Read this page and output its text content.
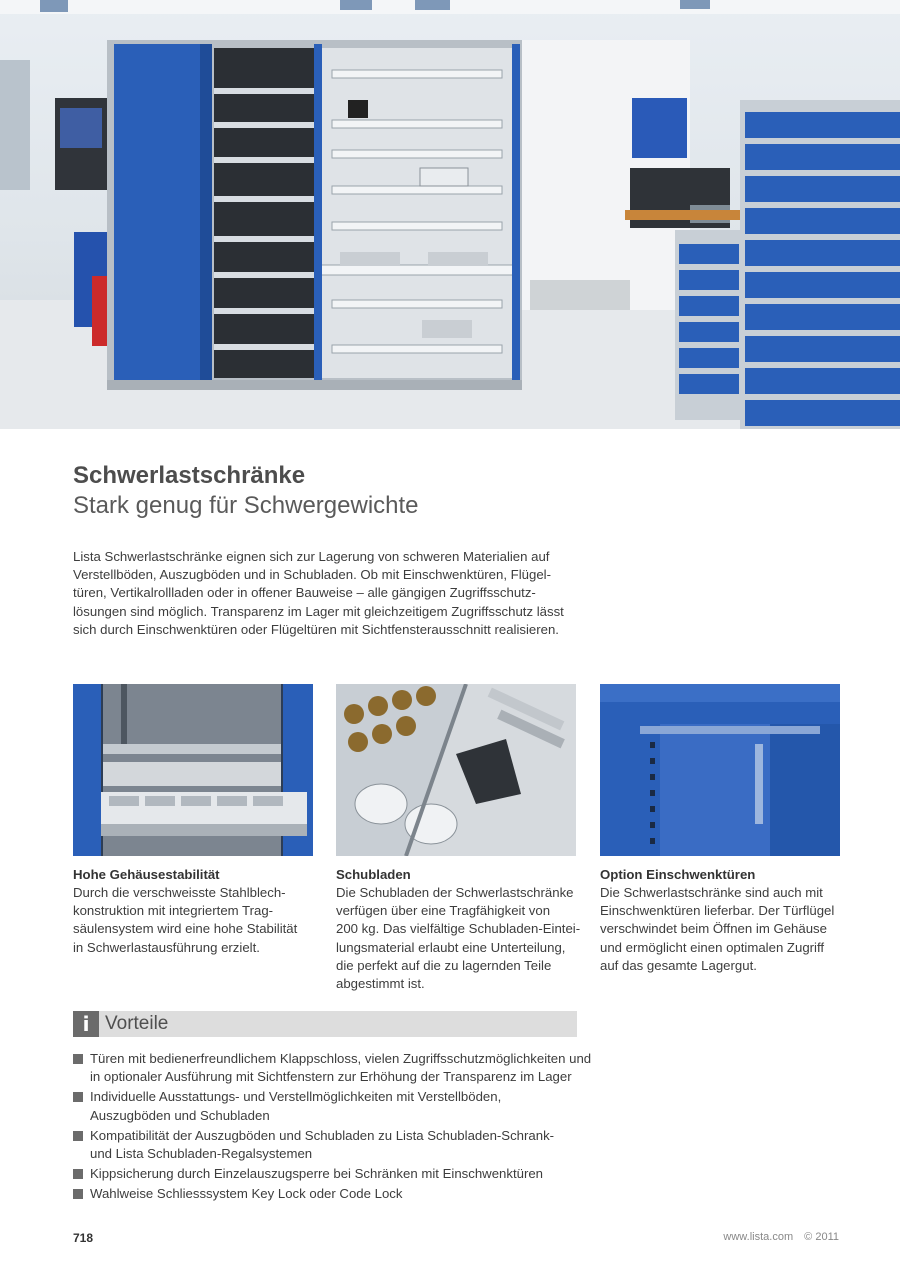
Schwerlastschränke
Stark genug für Schwergewichte

Lista Schwerlastschränke eignen sich zur Lagerung von schweren Materialien auf
Verstellböden, Auszugböden und in Schubladen. Ob mit Einschwenktüren, Flügel-
türen, Vertikalrollladen oder in offener Bauweise – alle gängigen Zugriffsschutz-
lösungen sind möglich. Transparenz im Lager mit gleichzeitigem Zugriffsschutz lässt
sich durch Einschwenktüren oder Flügeltüren mit Sichtfensterausschnitt realisieren.

Hohe Gehäusestabilität

Durch die verschweisste Stahlblech-
konstruktion mit integriertem Trag-
säulensystem wird eine hohe Stabilität
in Schwerlastausführung erzielt.

Schubladen

Die Schubladen der Schwerlastschränke
verfügen über eine Tragfähigkeit von
200 kg. Das vielfältige Schubladen-Eintei-
lungsmaterial erlaubt eine Unterteilung,
die perfekt auf die zu lagernden Teile
abgestimmt ist.

Option Einschwenktüren

Die Schwerlastschränke sind auch mit
Einschwenktüren lieferbar. Der Türflügel
verschwindet beim Öffnen im Gehäuse
und ermöglicht einen optimalen Zugriff
auf das gesamte Lagergut.

i Vorteile
Türen mit bedienerfreundlichem Klappschloss, vielen Zugriffsschutzmöglichkeiten und
in optionaler Ausführung mit Sichtfenstern zur Erhöhung der Transparenz im Lager
Individuelle Ausstattungs- und Verstellmöglichkeiten mit Verstellböden,
Auszugböden und Schubladen
Kompatibilität der Auszugböden und Schubladen zu Lista Schubladen-Schrank-
und Lista Schubladen-Regalsystemen
Kippsicherung durch Einzelauszugsperre bei Schränken mit Einschwenktüren
Wahlweise Schliesssystem Key Lock oder Code Lock
718	www.lista.com © 2011
